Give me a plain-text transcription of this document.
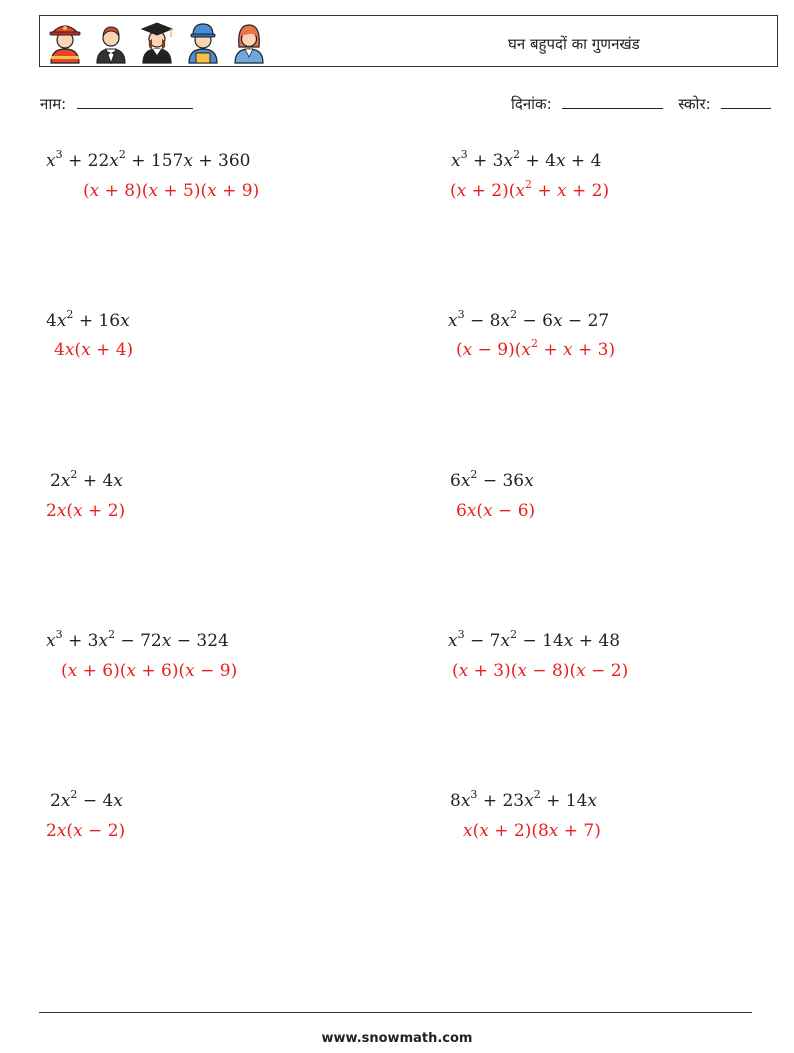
घन बहुपदों का गुणनखंड
नाम:	दिनांक:	स्कोर:
$x^3 + 22x^2 + 157x + 360$
(x + 8)(x + 5)(x + 9)
$x^3 + 3x^2 + 4x + 4$
$(x + 2)(x^2 + x + 2)$
$4x^2 + 16x$
4x(x + 4)
$x^3 - 8x^2 - 6x - 27$
$(x - 9)(x^2 + x + 3)$
$2x^2 + 4x$
2x(x + 2)
$6x^2 - 36x$
6x(x − 6)
$x^3 + 3x^2 - 72x - 324$
(x + 6)(x + 6)(x − 9)
$x^3 - 7x^2 - 14x + 48$
(x + 3)(x − 8)(x − 2)
$2x^2 - 4x$
2x(x − 2)
$8x^3 + 23x^2 + 14x$
x(x + 2)(8x + 7)
www.snowmath.com
